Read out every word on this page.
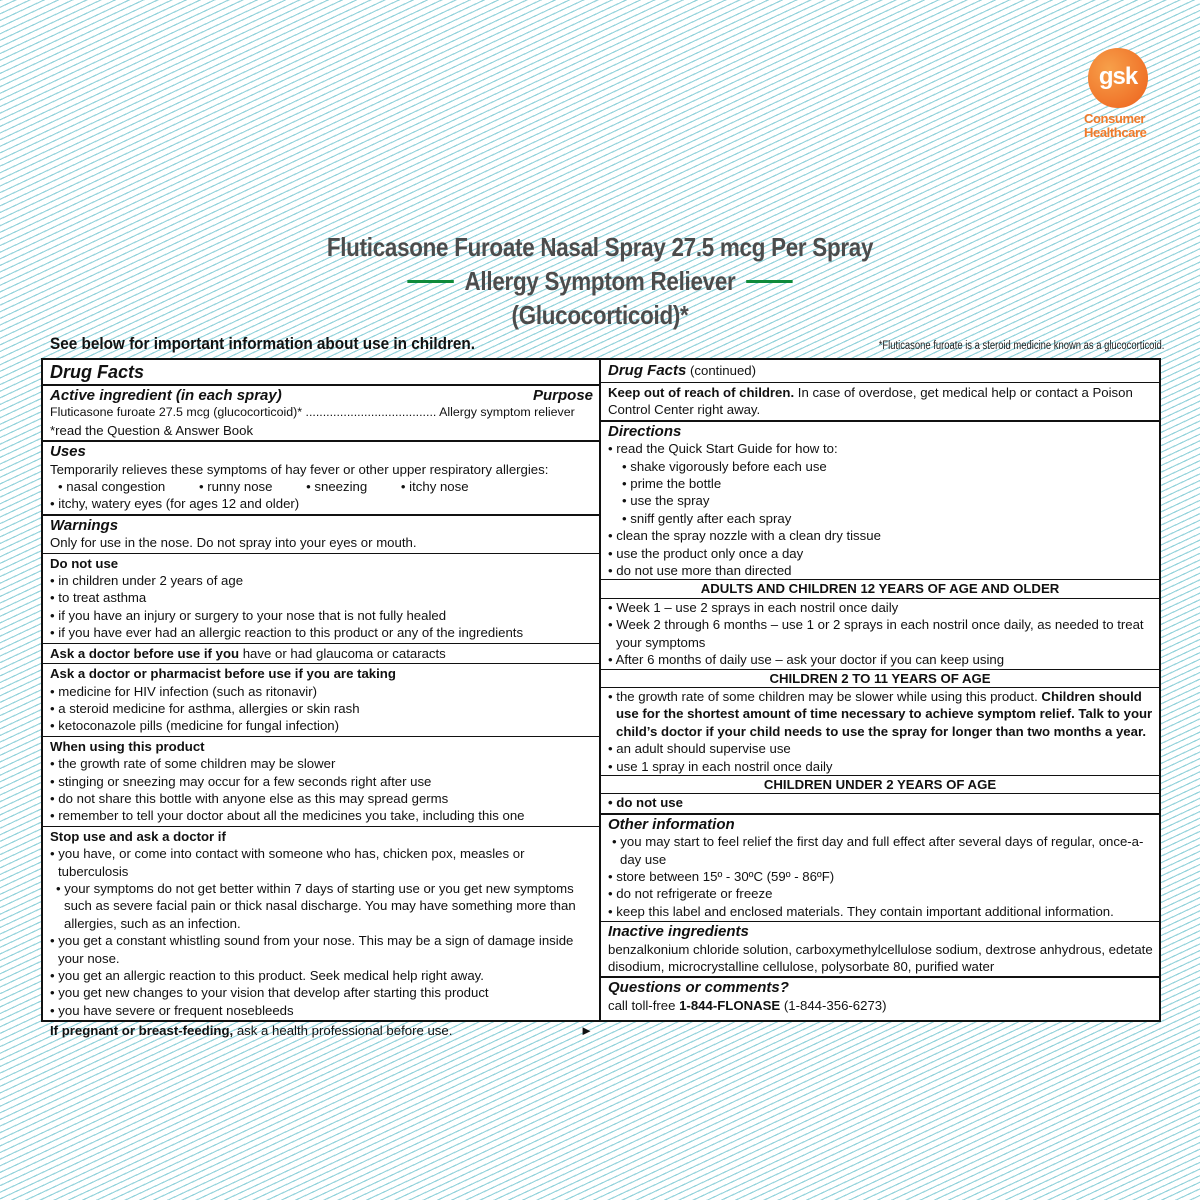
gsk
Consumer
Healthcare
Fluticasone Furoate Nasal Spray 27.5 mcg Per Spray
Allergy Symptom Reliever
(Glucocorticoid)*
See below for important information about use in children.	*Fluticasone furoate is a steroid medicine known as a glucocorticoid.
Drug Facts
Active ingredient (in each spray)	Purpose
Fluticasone furoate 27.5 mcg (glucocorticoid)* ...................................... Allergy symptom reliever
*read the Question & Answer Book
Uses
Temporarily relieves these symptoms of hay fever or other upper respiratory allergies:
• nasal congestion	• runny nose	• sneezing	• itchy nose
• itchy, watery eyes (for ages 12 and older)
Warnings
Only for use in the nose. Do not spray into your eyes or mouth.
Do not use
• in children under 2 years of age
• to treat asthma
• if you have an injury or surgery to your nose that is not fully healed
• if you have ever had an allergic reaction to this product or any of the ingredients
Ask a doctor before use if you have or had glaucoma or cataracts
Ask a doctor or pharmacist before use if you are taking
• medicine for HIV infection (such as ritonavir)
• a steroid medicine for asthma, allergies or skin rash
• ketoconazole pills (medicine for fungal infection)
When using this product
• the growth rate of some children may be slower
• stinging or sneezing may occur for a few seconds right after use
• do not share this bottle with anyone else as this may spread germs
• remember to tell your doctor about all the medicines you take, including this one
Stop use and ask a doctor if
• you have, or come into contact with someone who has, chicken pox, measles or tuberculosis
• your symptoms do not get better within 7 days of starting use or you get new symptoms such as severe facial pain or thick nasal discharge. You may have something more than allergies, such as an infection.
• you get a constant whistling sound from your nose. This may be a sign of damage inside your nose.
• you get an allergic reaction to this product. Seek medical help right away.
• you get new changes to your vision that develop after starting this product
• you have severe or frequent nosebleeds
If pregnant or breast-feeding, ask a health professional before use.	►
Drug Facts (continued)
Keep out of reach of children. In case of overdose, get medical help or contact a Poison Control Center right away.
Directions
• read the Quick Start Guide for how to:
• shake vigorously before each use
• prime the bottle
• use the spray
• sniff gently after each spray
• clean the spray nozzle with a clean dry tissue
• use the product only once a day
• do not use more than directed
ADULTS AND CHILDREN 12 YEARS OF AGE AND OLDER
• Week 1 – use 2 sprays in each nostril once daily
• Week 2 through 6 months – use 1 or 2 sprays in each nostril once daily, as needed to treat your symptoms
• After 6 months of daily use – ask your doctor if you can keep using
CHILDREN 2 TO 11 YEARS OF AGE
• the growth rate of some children may be slower while using this product. Children should use for the shortest amount of time necessary to achieve symptom relief. Talk to your child’s doctor if your child needs to use the spray for longer than two months a year.
• an adult should supervise use
• use 1 spray in each nostril once daily
CHILDREN UNDER 2 YEARS OF AGE
• do not use
Other information
• you may start to feel relief the first day and full effect after several days of regular, once-a-day use
• store between 15º - 30ºC (59º - 86ºF)
• do not refrigerate or freeze
• keep this label and enclosed materials. They contain important additional information.
Inactive ingredients
benzalkonium chloride solution, carboxymethylcellulose sodium, dextrose anhydrous, edetate disodium, microcrystalline cellulose, polysorbate 80, purified water
Questions or comments?
call toll-free 1-844-FLONASE (1-844-356-6273)
